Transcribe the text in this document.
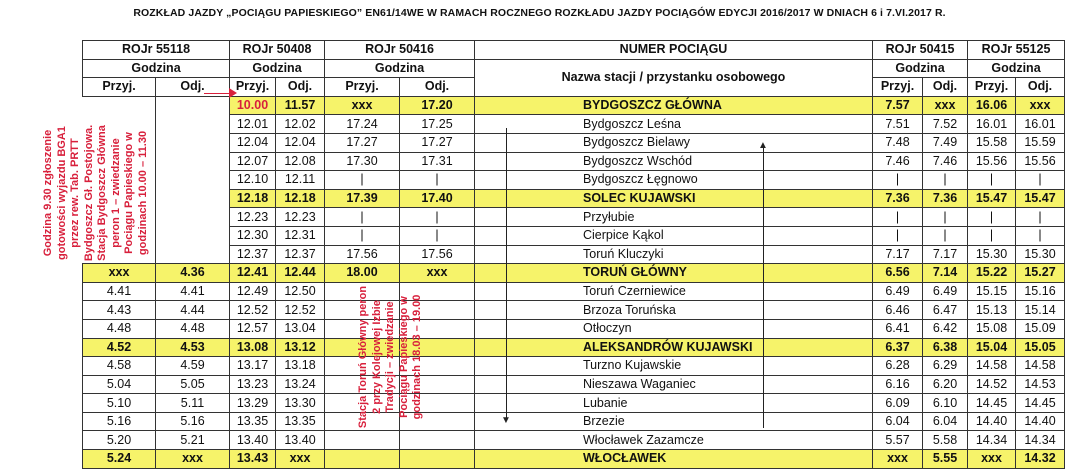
ROZKŁAD JAZDY „POCIĄGU PAPIESKIEGO” EN61/14WE W RAMACH ROCZNEGO ROZKŁADU JAZDY POCIĄGÓW EDYCJI 2016/2017 W DNIACH 6 i 7.VI.2017 R.
ROJr 55118		ROJr 50408		ROJr 50416		NUMER POCIĄGU	ROJr 50415		ROJr 55125	
Godzina		Godzina		Godzina		Nazwa stacji / przystanku osobowego	Godzina		Godzina	
Przyj.	Odj.	Przyj.	Odj.	Przyj.	Odj.		Przyj.	Odj.	Przyj.	Odj.
		10.00	11.57	xxx	17.20	BYDGOSZCZ GŁÓWNA	7.57	xxx	16.06	xxx
		12.01	12.02	17.24	17.25	Bydgoszcz Leśna	7.51	7.52	16.01	16.01
		12.04	12.04	17.27	17.27	Bydgoszcz Bielawy	7.48	7.49	15.58	15.59
		12.07	12.08	17.30	17.31	Bydgoszcz Wschód	7.46	7.46	15.56	15.56
		12.10	12.11	|	|	Bydgoszcz Łęgnowo	|	|	|	|
		12.18	12.18	17.39	17.40	SOLEC KUJAWSKI	7.36	7.36	15.47	15.47
		12.23	12.23	|	|	Przyłubie	|	|	|	|
		12.30	12.31	|	|	Cierpice Kąkol	|	|	|	|
		12.37	12.37	17.56	17.56	Toruń Kluczyki	7.17	7.17	15.30	15.30
xxx	4.36	12.41	12.44	18.00	xxx	TORUŃ GŁÓWNY	6.56	7.14	15.22	15.27
4.41	4.41	12.49	12.50			Toruń Czerniewice	6.49	6.49	15.15	15.16
4.43	4.44	12.52	12.52			Brzoza Toruńska	6.46	6.47	15.13	15.14
4.48	4.48	12.57	13.04			Otłoczyn	6.41	6.42	15.08	15.09
4.52	4.53	13.08	13.12			ALEKSANDRÓW KUJAWSKI	6.37	6.38	15.04	15.05
4.58	4.59	13.17	13.18			Turzno Kujawskie	6.28	6.29	14.58	14.58
5.04	5.05	13.23	13.24			Nieszawa Waganiec	6.16	6.20	14.52	14.53
5.10	5.11	13.29	13.30			Lubanie	6.09	6.10	14.45	14.45
5.16	5.16	13.35	13.35			Brzezie	6.04	6.04	14.40	14.40
5.20	5.21	13.40	13.40			Włocławek Zazamcze	5.57	5.58	14.34	14.34
5.24	xxx	13.43	xxx			WŁOCŁAWEK	xxx	5.55	xxx	14.32
▼
▲
Godzina 9.30 zgłoszenie gotowości wyjazdu BGA1 przez rew. Tab. PRTT Bydgoszcz Gł. Postojowa. Stacja Bydgoszcz Główna peron 1 – zwiedzanie Pociągu Papieskiego w godzinach 10.00 – 11.30
Stacja Toruń Główny peron 2 przy Kolejowej Izbie Tradycji – zwiedzanie Pociągu Papieskiego w godzinach 18.03 – 19.00
